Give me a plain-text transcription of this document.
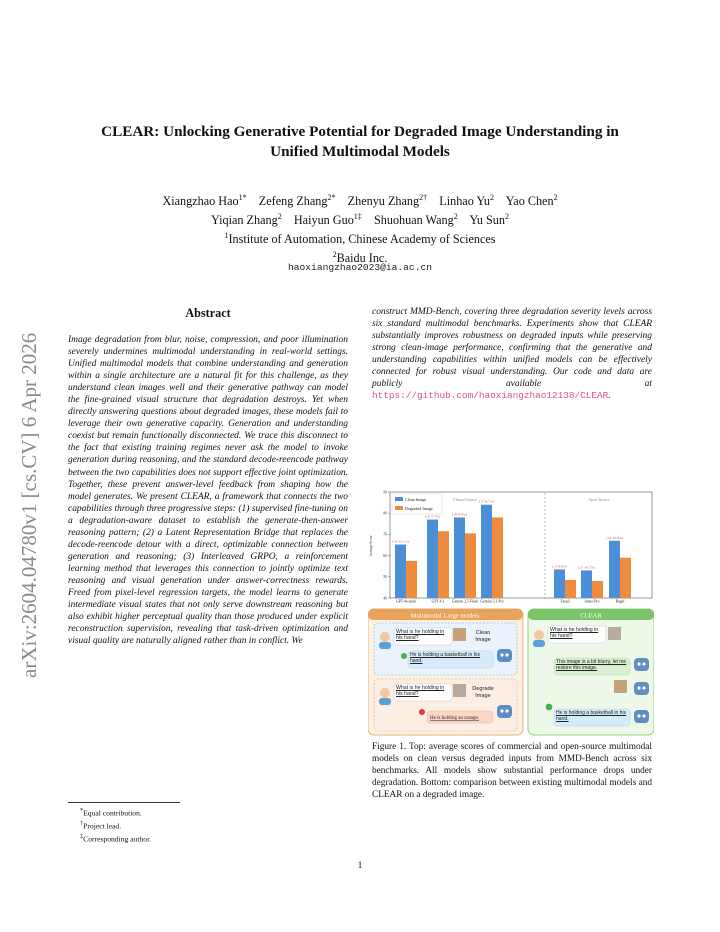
arXiv:2604.04780v1 [cs.CV] 6 Apr 2026
CLEAR: Unlocking Generative Potential for Degraded Image Understanding in
Unified Multimodal Models
Xiangzhao Hao$^{1*}$ Zefeng Zhang$^{2*}$ Zhenyu Zhang$^{2\dagger}$ Linhao Yu$^2$ Yao Chen$^2$
Yiqian Zhang$^2$ Haiyun Guo$^{1\ddagger}$ Shuohuan Wang$^2$ Yu Sun$^2$
$^1$Institute of Automation, Chinese Academy of Sciences
$^2$Baidu Inc.
haoxiangzhao2023@ia.ac.cn
Abstract
Image degradation from blur, noise, compression, and poor illumination severely undermines multimodal understanding in real-world settings. Unified multimodal models that combine understanding and generation within a single architecture are a natural fit for this challenge, as they understand clean images well and their generative pathway can model the fine-grained visual structure that degradation destroys. Yet when directly answering questions about degraded images, these models fail to leverage their own generative capacity. Generation and understanding coexist but remain functionally disconnected. We trace this disconnect to the fact that existing training regimes never ask the model to invoke generation during reasoning, and the standard decode-reencode pathway between the two capabilities does not support effective joint optimization. Together, these prevent answer-level feedback from shaping how the model generates. We present CLEAR, a framework that connects the two capabilities through three progressive steps: (1) supervised fine-tuning on a degradation-aware dataset to establish the generate-then-answer reasoning pattern; (2) a Latent Representation Bridge that replaces the decode-reencode detour with a direct, optimizable connection between generation and reasoning; (3) Interleaved GRPO, a reinforcement learning method that leverages this connection to jointly optimize text reasoning and visual generation under answer-correctness rewards. Freed from pixel-level regression targets, the model learns to generate intermediate visual states that not only serve downstream reasoning but also exhibit higher perceptual quality than those produced under explicit reconstruction supervision, revealing that task-driven optimization and visual quality are naturally aligned rather than in conflict. We
construct MMD-Bench, covering three degradation severity levels across six standard multimodal benchmarks. Experiments show that CLEAR substantially improves robustness on degraded inputs while preserving strong clean-image performance, confirming that the generative and understanding capabilities within unified models can be effectively connected for robust visual understanding. Our code and data are publicly available at https://github.com/haoxiangzhao12138/CLEAR.
40
50
60
70
80
90
(↓9 /12.1%)
(↓6 /7.7%)
(↓8 /9.9%)
(↓7 /6.7%)
(↓5 /9.8%)	(↓5 /10.7%)
(↓8 /10.0%)
GPT-4o-mini	GPT-4.1 Gemini 2.5 Flash Gemini 3.1 Pro	Emu3	Janus-Pro	Bagel
Average Score
Closed Source	Open Source
Clean Image
Degraded Image
Multimodal Large models
What is he holding in his hand?
Clean Image
He is holding a basketball in his hand.
What is he holding in his hand?
Degrade Image
He is holding an orange.
CLEAR
What is he holding in his hand?
This image is a bit blurry, let me restore this image.
He is holding a basketball in his hand.
Figure 1. Top: average scores of commercial and open-source multimodal models on clean versus degraded inputs from MMD-Bench across six benchmarks. All models show substantial performance drops under degradation. Bottom: comparison between existing multimodal models and CLEAR on a degraded image.
*Equal contribution.
†Project lead.
‡Corresponding author.
1
